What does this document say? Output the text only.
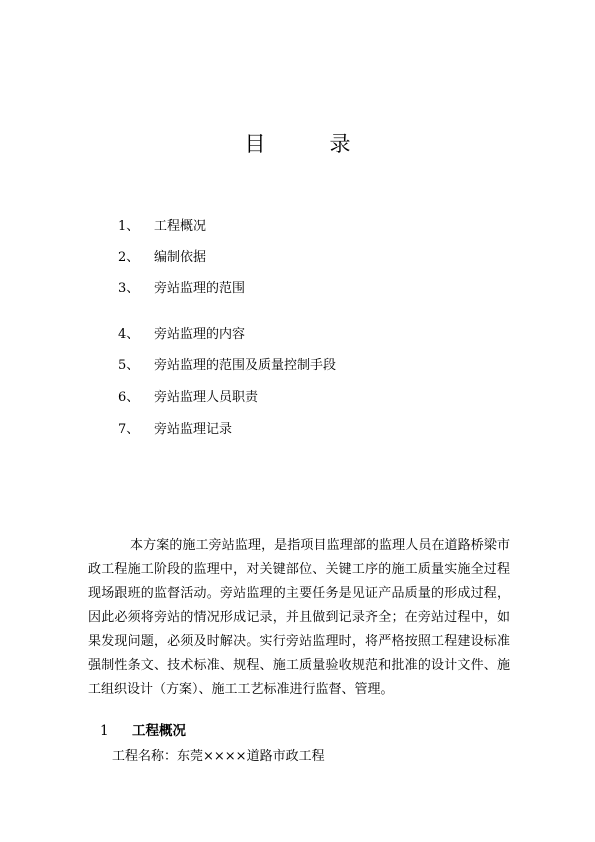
目	录
1、 工程概况
2、 编制依据
3、 旁站监理的范围
4、 旁站监理的内容
5、 旁站监理的范围及质量控制手段
6、 旁站监理人员职责
7、 旁站监理记录

本方案的施工旁站监理，是指项目监理部的监理人员在道路桥梁市政工程施工阶段的监理中，对关键部位、关键工序的施工质量实施全过程现场跟班的监督活动。旁站监理的主要任务是见证产品质量的形成过程，因此必须将旁站的情况形成记录，并且做到记录齐全；在旁站过程中，如果发现问题，必须及时解决。实行旁站监理时，将严格按照工程建设标准强制性条文、技术标准、规程、施工质量验收规范和批准的设计文件、施工组织设计（方案）、施工工艺标准进行监督、管理。

1 工程概况
工程名称：东莞××××道路市政工程
